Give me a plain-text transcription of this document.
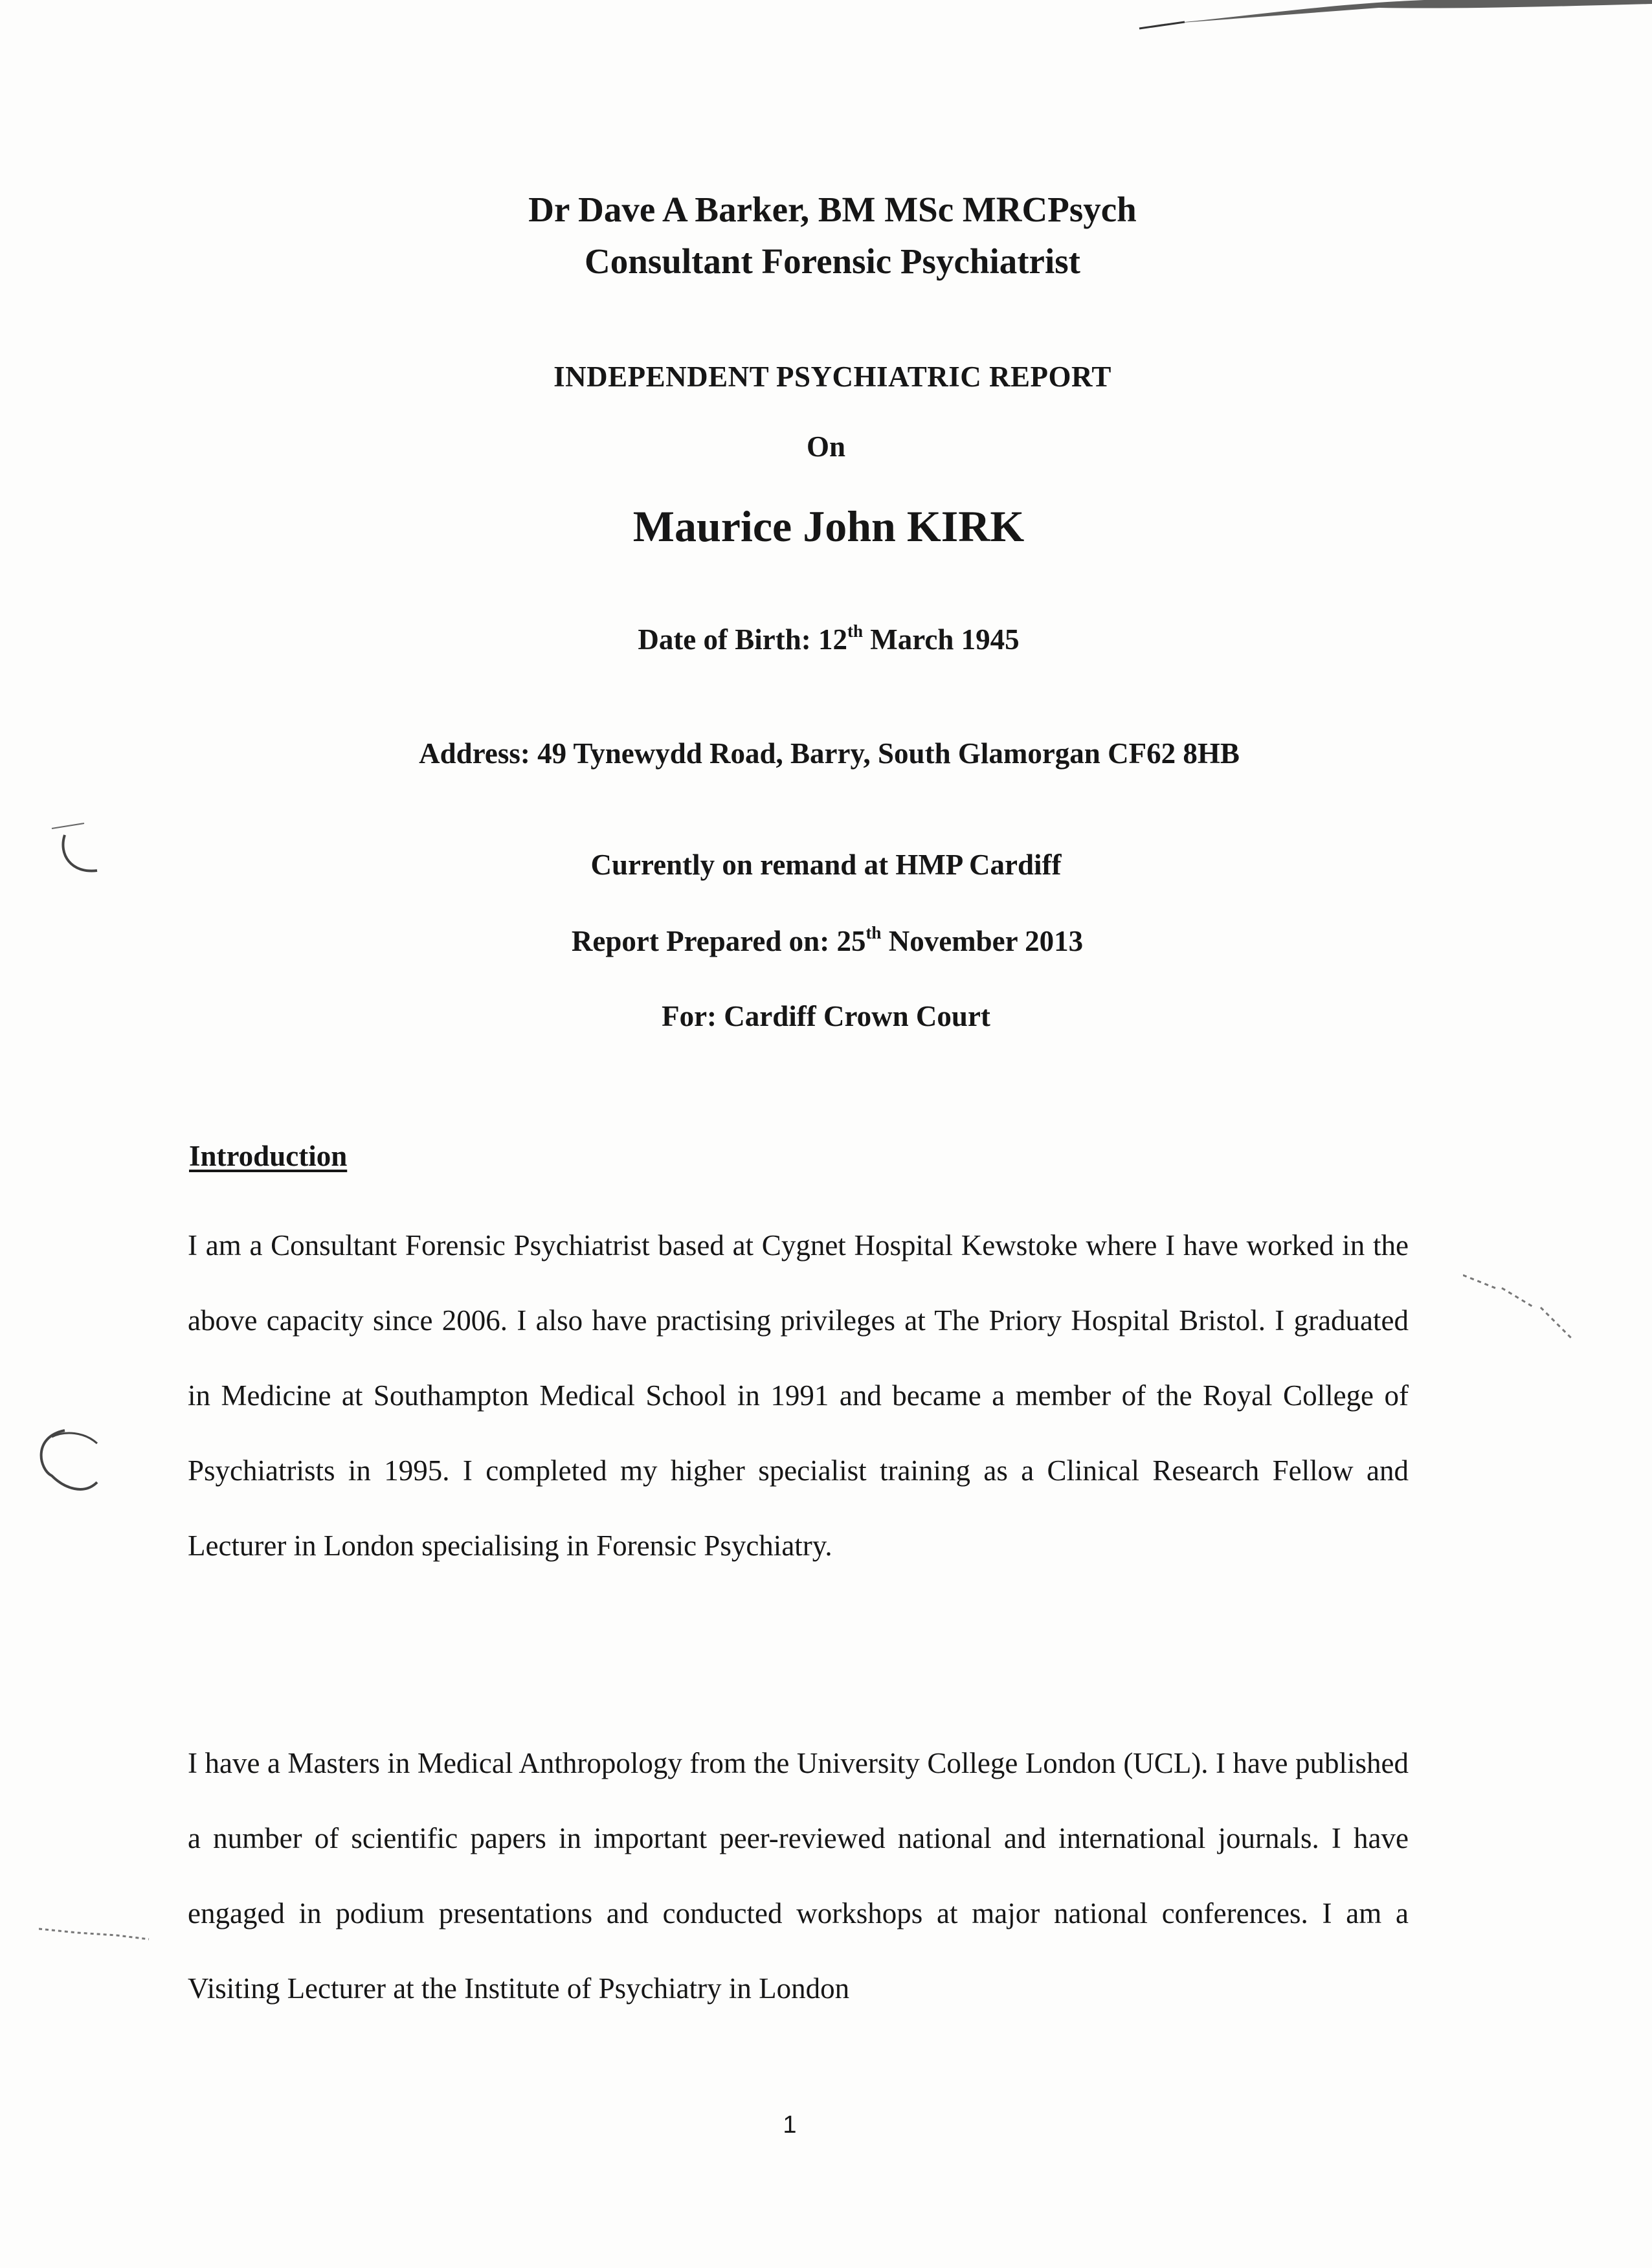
Dr Dave A Barker, BM MSc MRCPsych
Consultant Forensic Psychiatrist
INDEPENDENT PSYCHIATRIC REPORT
On
Maurice John KIRK
Date of Birth: 12th March 1945
Address: 49 Tynewydd Road, Barry, South Glamorgan CF62 8HB
Currently on remand at HMP Cardiff
Report Prepared on: 25th November 2013
For: Cardiff Crown Court
Introduction
I am a Consultant Forensic Psychiatrist based at Cygnet Hospital Kewstoke where I have worked in the above capacity since 2006. I also have practising privileges at The Priory Hospital Bristol. I graduated in Medicine at Southampton Medical School in 1991 and became a member of the Royal College of Psychiatrists in 1995. I completed my higher specialist training as a Clinical Research Fellow and Lecturer in London specialising in Forensic Psychiatry.
I have a Masters in Medical Anthropology from the University College London (UCL). I have published a number of scientific papers in important peer-reviewed national and international journals. I have engaged in podium presentations and conducted workshops at major national conferences. I am a Visiting Lecturer at the Institute of Psychiatry in London
1
